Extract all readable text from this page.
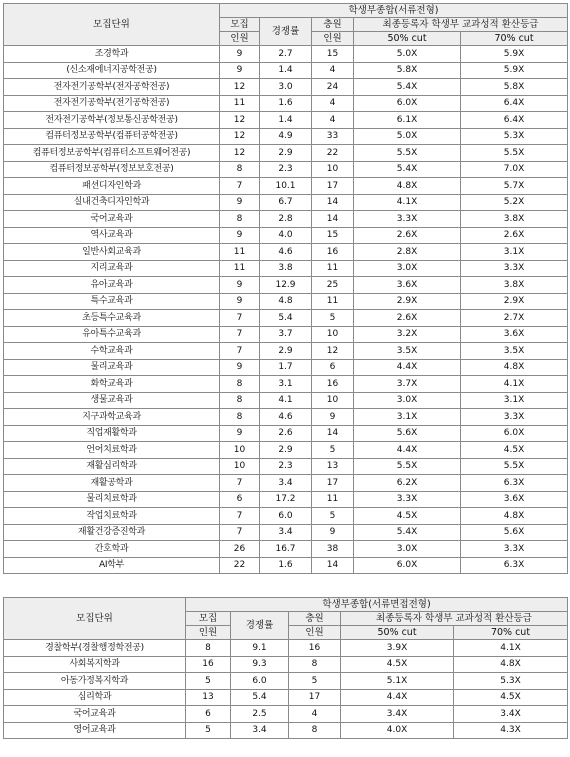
모집단위	학생부종합(서류전형)				
	모집	경쟁률	충원	최종등록자 학생부 교과성적 환산등급	
	인원		인원	50% cut	70% cut
조경학과	9	2.7	15	5.0X	5.9X
(신소재에너지공학전공)	9	1.4	4	5.8X	5.9X
전자전기공학부(전자공학전공)	12	3.0	24	5.4X	5.8X
전자전기공학부(전기공학전공)	11	1.6	4	6.0X	6.4X
전자전기공학부(정보통신공학전공)	12	1.4	4	6.1X	6.4X
컴퓨터정보공학부(컴퓨터공학전공)	12	4.9	33	5.0X	5.3X
컴퓨터정보공학부(컴퓨터소프트웨어전공)	12	2.9	22	5.5X	5.5X
컴퓨터정보공학부(정보보호전공)	8	2.3	10	5.4X	7.0X
패션디자인학과	7	10.1	17	4.8X	5.7X
실내건축디자인학과	9	6.7	14	4.1X	5.2X
국어교육과	8	2.8	14	3.3X	3.8X
역사교육과	9	4.0	15	2.6X	2.6X
일반사회교육과	11	4.6	16	2.8X	3.1X
지리교육과	11	3.8	11	3.0X	3.3X
유아교육과	9	12.9	25	3.6X	3.8X
특수교육과	9	4.8	11	2.9X	2.9X
초등특수교육과	7	5.4	5	2.6X	2.7X
유아특수교육과	7	3.7	10	3.2X	3.6X
수학교육과	7	2.9	12	3.5X	3.5X
물리교육과	9	1.7	6	4.4X	4.8X
화학교육과	8	3.1	16	3.7X	4.1X
생물교육과	8	4.1	10	3.0X	3.1X
지구과학교육과	8	4.6	9	3.1X	3.3X
직업재활학과	9	2.6	14	5.6X	6.0X
언어치료학과	10	2.9	5	4.4X	4.5X
재활심리학과	10	2.3	13	5.5X	5.5X
재활공학과	7	3.4	17	6.2X	6.3X
물리치료학과	6	17.2	11	3.3X	3.6X
작업치료학과	7	6.0	5	4.5X	4.8X
재활건강증진학과	7	3.4	9	5.4X	5.6X
간호학과	26	16.7	38	3.0X	3.3X
AI학부	22	1.6	14	6.0X	6.3X
모집단위	학생부종합(서류면접전형)				
	모집	경쟁률	충원	최종등록자 학생부 교과성적 환산등급	
	인원		인원	50% cut	70% cut
경찰학부(경찰행정학전공)	8	9.1	16	3.9X	4.1X
사회복지학과	16	9.3	8	4.5X	4.8X
아동가정복지학과	5	6.0	5	5.1X	5.3X
심리학과	13	5.4	17	4.4X	4.5X
국어교육과	6	2.5	4	3.4X	3.4X
영어교육과	5	3.4	8	4.0X	4.3X
